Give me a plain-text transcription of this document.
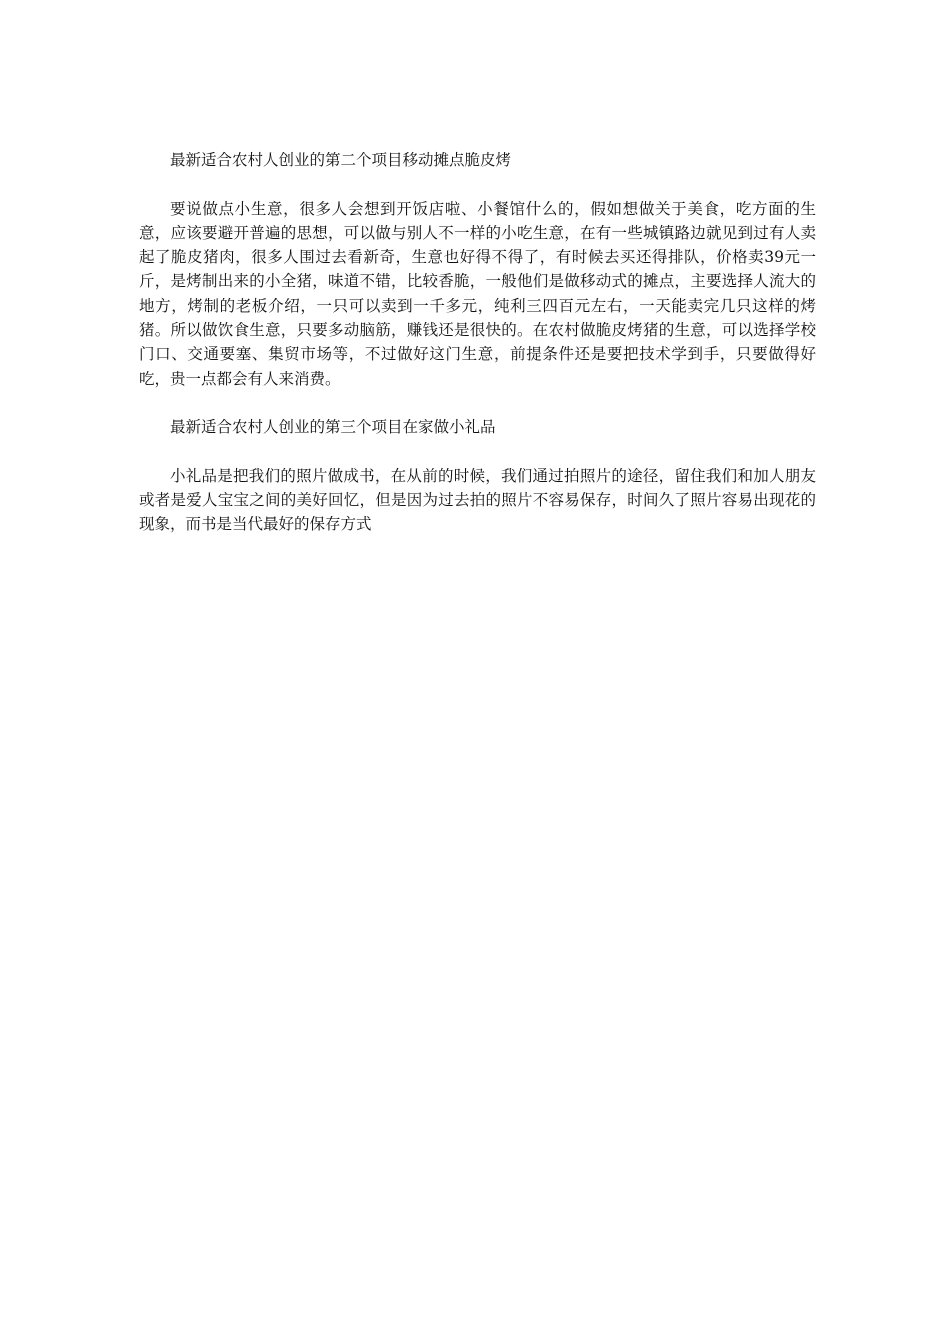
最新适合农村人创业的第二个项目移动摊点脆皮烤

要说做点小生意，很多人会想到开饭店啦、小餐馆什么的，假如想做关于美食，吃方面的生意，应该要避开普遍的思想，可以做与别人不一样的小吃生意，在有一些城镇路边就见到过有人卖起了脆皮猪肉，很多人围过去看新奇，生意也好得不得了，有时候去买还得排队，价格卖39元一斤，是烤制出来的小全猪，味道不错，比较香脆，一般他们是做移动式的摊点，主要选择人流大的地方，烤制的老板介绍，一只可以卖到一千多元，纯利三四百元左右，一天能卖完几只这样的烤猪。所以做饮食生意，只要多动脑筋，赚钱还是很快的。在农村做脆皮烤猪的生意，可以选择学校门口、交通要塞、集贸市场等，不过做好这门生意，前提条件还是要把技术学到手，只要做得好吃，贵一点都会有人来消费。

最新适合农村人创业的第三个项目在家做小礼品

小礼品是把我们的照片做成书，在从前的时候，我们通过拍照片的途径，留住我们和加人朋友或者是爱人宝宝之间的美好回忆，但是因为过去拍的照片不容易保存，时间久了照片容易出现花的现象，而书是当代最好的保存方式
